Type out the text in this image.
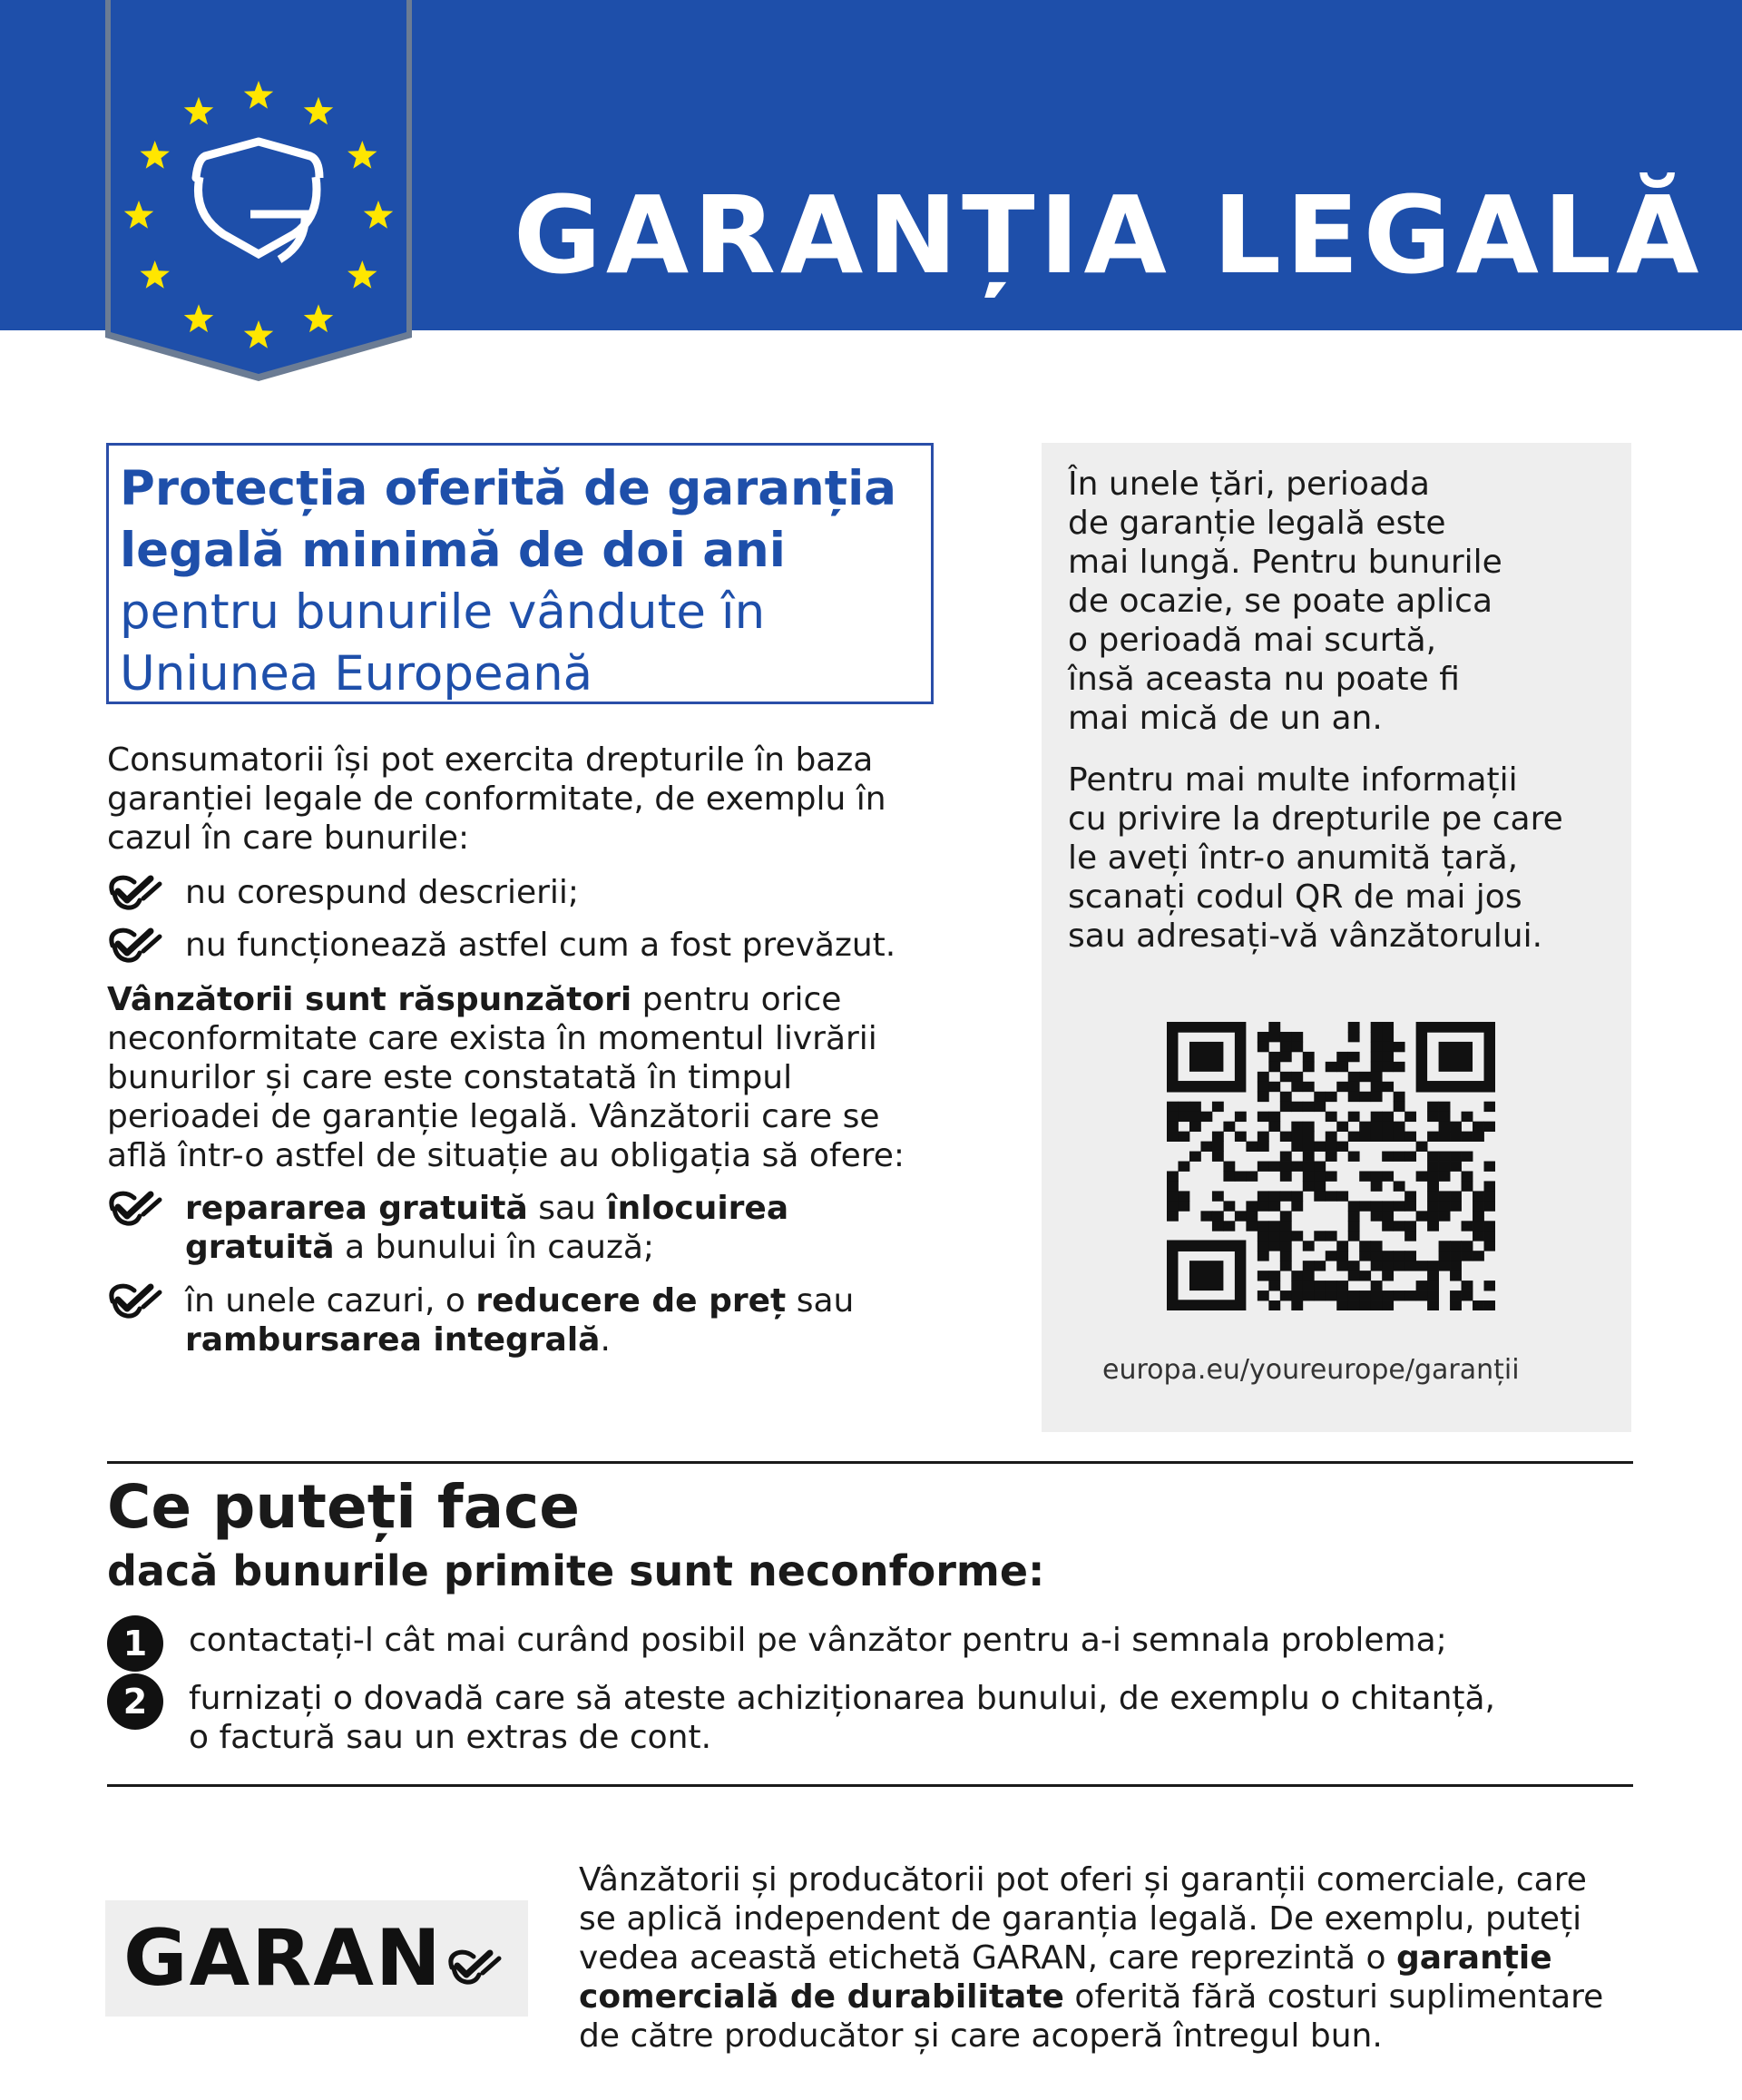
GARANȚIA LEGALĂ
Protecția oferită de garanția
legală minimă de doi ani
pentru bunurile vândute în
Uniunea Europeană
Consumatorii își pot exercita drepturile în baza
garanției legale de conformitate, de exemplu în
cazul în care bunurile:
nu corespund descrierii;
nu funcționează astfel cum a fost prevăzut.
Vânzătorii sunt răspunzători pentru orice
neconformitate care exista în momentul livrării
bunurilor și care este constatată în timpul
perioadei de garanție legală. Vânzătorii care se
află într-o astfel de situație au obligația să ofere:
repararea gratuită sau înlocuirea
gratuită a bunului în cauză;
în unele cazuri, o reducere de preț sau
rambursarea integrală.
În unele țări, perioada
de garanție legală este
mai lungă. Pentru bunurile
de ocazie, se poate aplica
o perioadă mai scurtă,
însă aceasta nu poate fi
mai mică de un an.
Pentru mai multe informații
cu privire la drepturile pe care
le aveți într-o anumită țară,
scanați codul QR de mai jos
sau adresați-vă vânzătorului.
europa.eu/youreurope/garanții
Ce puteți face
dacă bunurile primite sunt neconforme:
1	contactați-l cât mai curând posibil pe vânzător pentru a-i semnala problema;
2	furnizați o dovadă care să ateste achiziționarea bunului, de exemplu o chitanță,
o factură sau un extras de cont.
GARAN
Vânzătorii și producătorii pot oferi și garanții comerciale, care
se aplică independent de garanția legală. De exemplu, puteți
vedea această etichetă GARAN, care reprezintă o garanție
comercială de durabilitate oferită fără costuri suplimentare
de către producător și care acoperă întregul bun.
